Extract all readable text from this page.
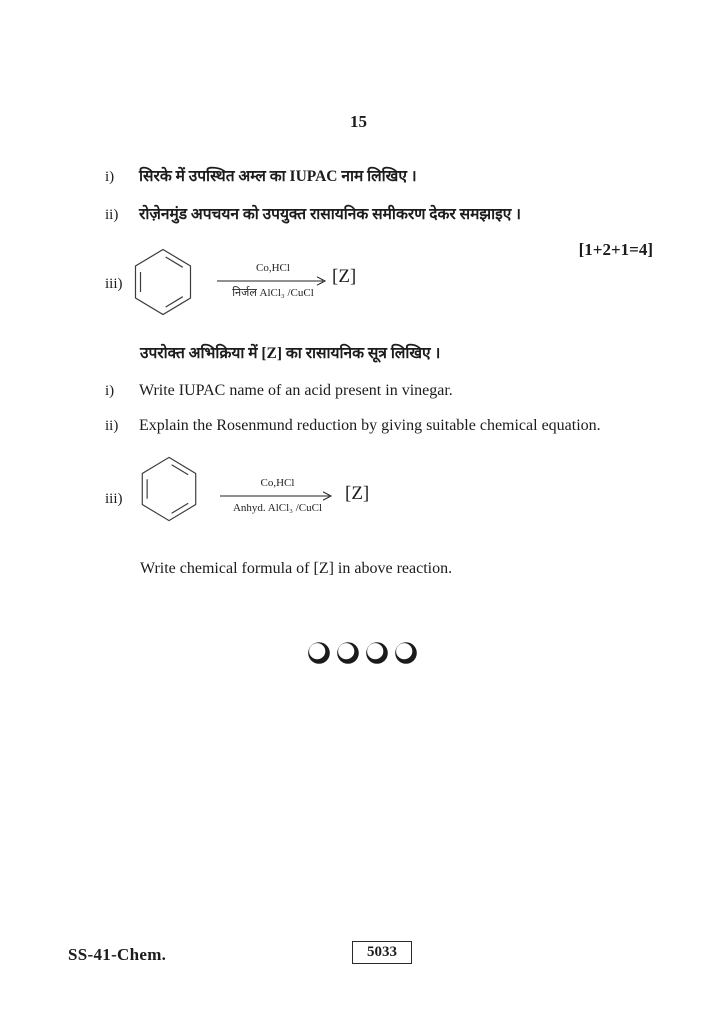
15
i)	सिरके में उपस्थित अम्ल का IUPAC नाम लिखिए ।
ii)	रोज़ेनमुंड अपचयन को उपयुक्त रासायनिक समीकरण देकर समझाइए ।
[1+2+1=4]
iii)
Co,HCl
निर्जल AlCl₃ /CuCl
[Z]
उपरोक्त अभिक्रिया में [Z] का रासायनिक सूत्र लिखिए ।
i)	Write IUPAC name of an acid present in vinegar.
ii)	Explain the Rosenmund reduction by giving suitable chemical equation.
iii)
Co,HCl
Anhyd. AlCl₃ /CuCl
[Z]
Write chemical formula of [Z] in above reaction.
SS-41-Chem.	5033
